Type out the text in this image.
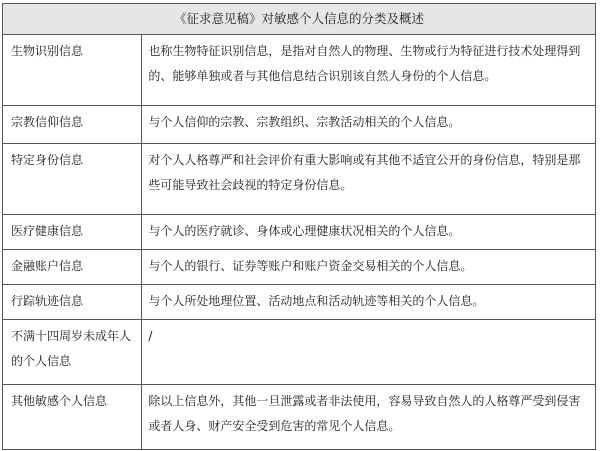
《征求意见稿》对敏感个人信息的分类及概述	
生物识别信息	也称生物特征识别信息，是指对自然人的物理、生物或行为特征进行技术处理得到的、能够单独或者与其他信息结合识别该自然人身份的个人信息。
宗教信仰信息	与个人信仰的宗教、宗教组织、宗教活动相关的个人信息。
特定身份信息	对个人人格尊严和社会评价有重大影响或有其他不适宜公开的身份信息，特别是那些可能导致社会歧视的特定身份信息。
医疗健康信息	与个人的医疗就诊、身体或心理健康状况相关的个人信息。
金融账户信息	与个人的银行、证券等账户和账户资金交易相关的个人信息。
行踪轨迹信息	与个人所处地理位置、活动地点和活动轨迹等相关的个人信息。
不满十四周岁未成年人的个人信息	/
其他敏感个人信息	除以上信息外，其他一旦泄露或者非法使用，容易导致自然人的人格尊严受到侵害或者人身、财产安全受到危害的常见个人信息。
